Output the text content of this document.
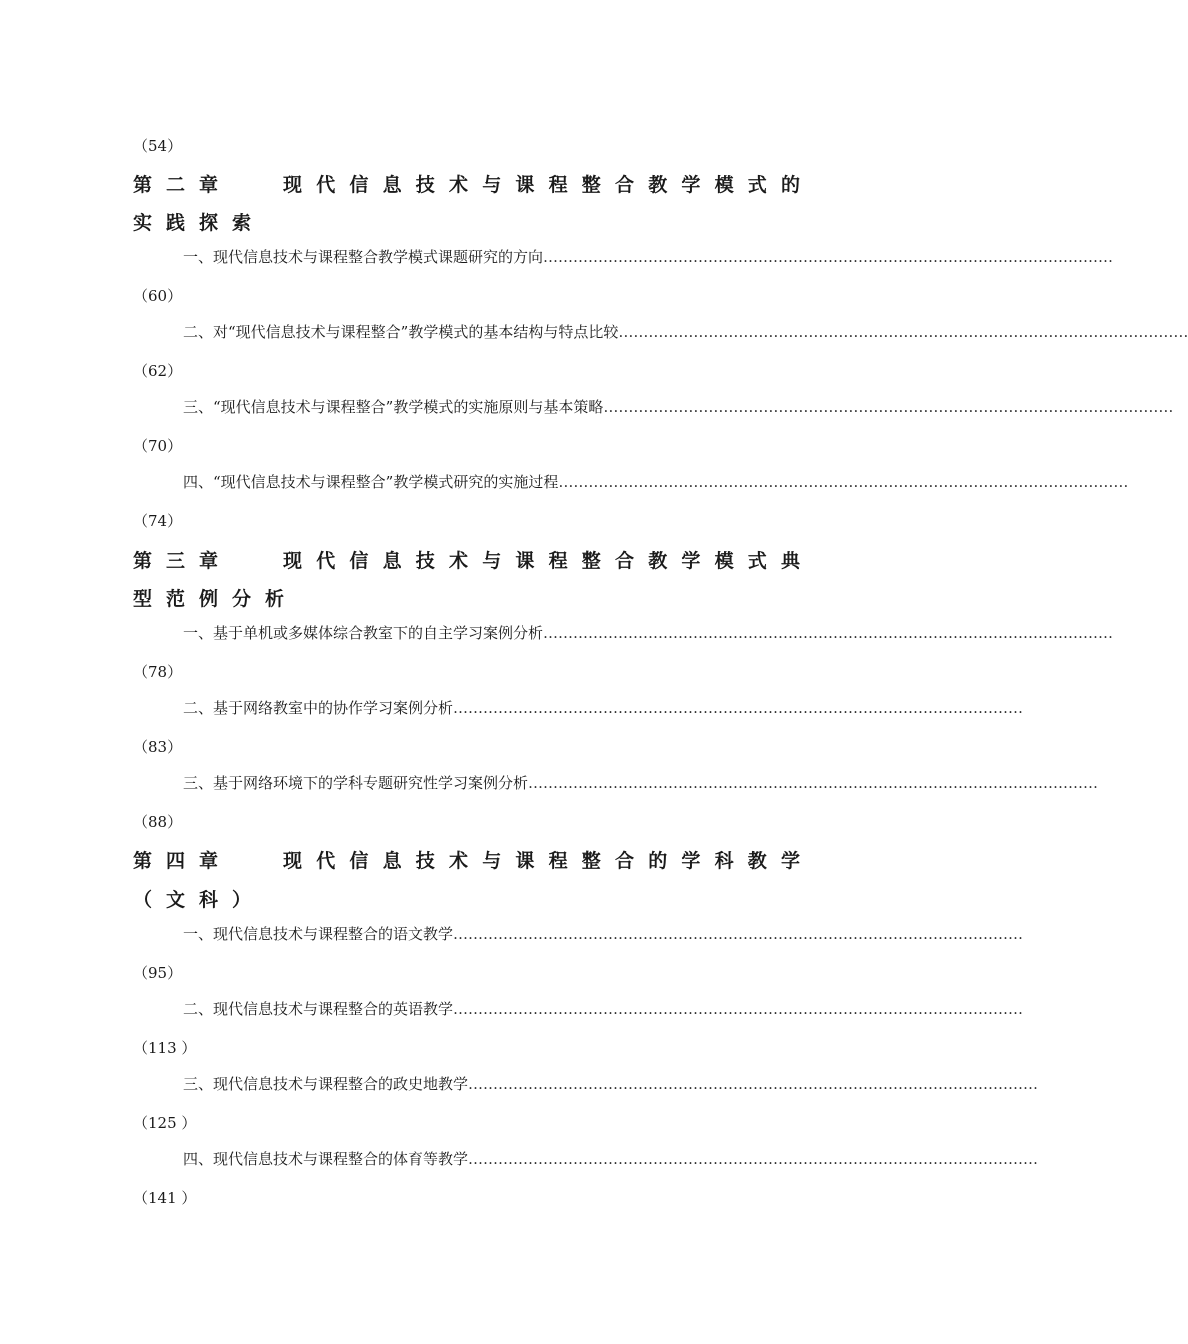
（54）
第二章	现代信息技术与课程整合教学模式的
实践探索
一、现代信息技术与课程整合教学模式课题研究的方向 ……………………………………………………………………………………………………
（60）
二、对“现代信息技术与课程整合”教学模式的基本结构与特点比较 ……………………………………………………………………………………………………
（62）
三、“现代信息技术与课程整合”教学模式的实施原则与基本策略 ……………………………………………………………………………………………………
（70）
四、“现代信息技术与课程整合”教学模式研究的实施过程 ……………………………………………………………………………………………………
（74）
第三章	现代信息技术与课程整合教学模式典
型范例分析
一、基于单机或多媒体综合教室下的自主学习案例分析 ……………………………………………………………………………………………………
（78）
二、基于网络教室中的协作学习案例分析 ……………………………………………………………………………………………………
（83）
三、基于网络环境下的学科专题研究性学习案例分析 ……………………………………………………………………………………………………
（88）
第四章	现代信息技术与课程整合的学科教学
（文科）
一、现代信息技术与课程整合的语文教学 ……………………………………………………………………………………………………
（95）
二、现代信息技术与课程整合的英语教学 ……………………………………………………………………………………………………
（113 ）
三、现代信息技术与课程整合的政史地教学 ……………………………………………………………………………………………………
（125 ）
四、现代信息技术与课程整合的体育等教学 ……………………………………………………………………………………………………
（141 ）
